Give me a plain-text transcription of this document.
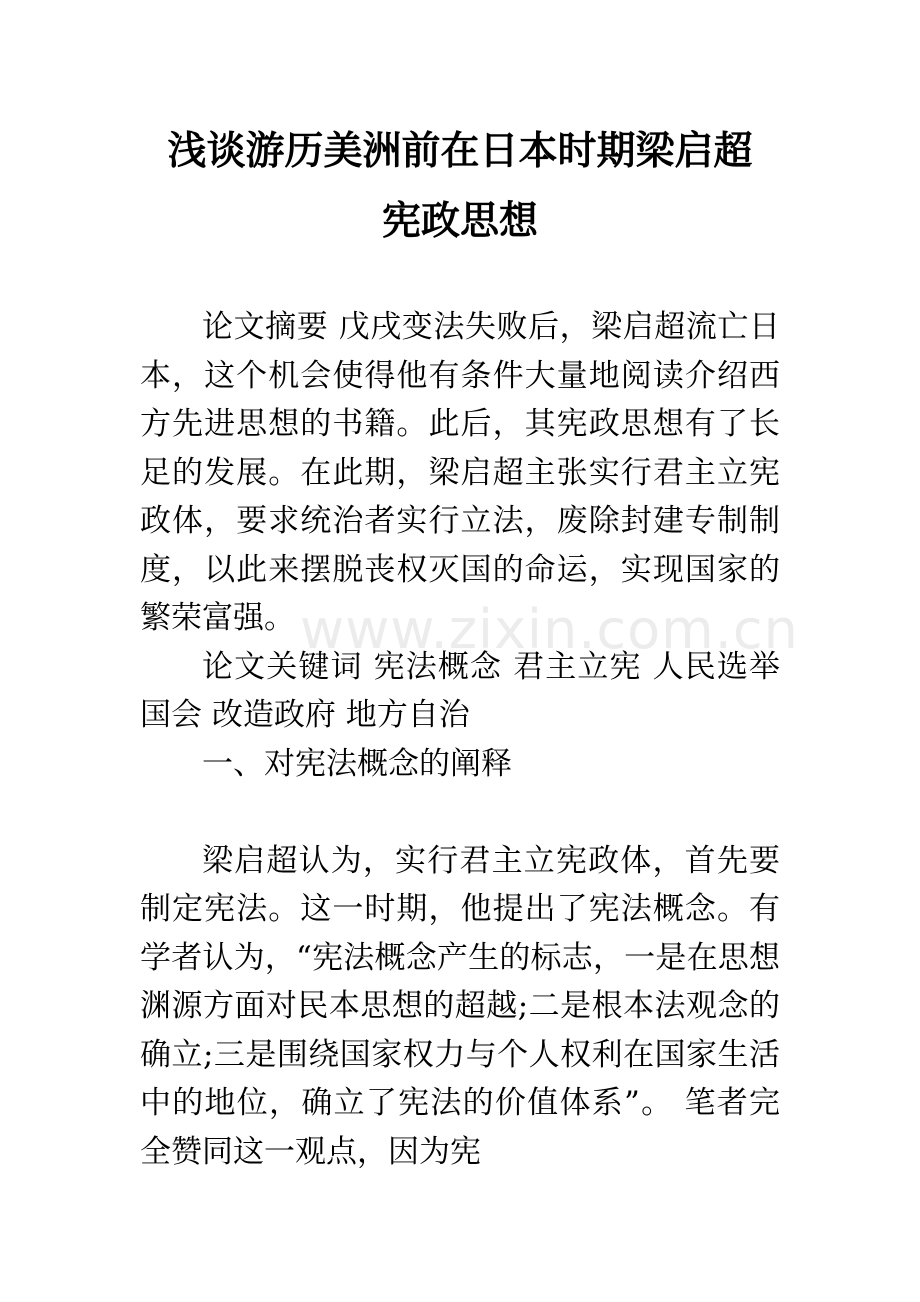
浅谈游历美洲前在日本时期梁启超
宪政思想

论文摘要 戊戌变法失败后，梁启超流亡日本，这个机会使得他有条件大量地阅读介绍西方先进思想的书籍。此后，其宪政思想有了长足的发展。在此期，梁启超主张实行君主立宪政体，要求统治者实行立法，废除封建专制制度，以此来摆脱丧权灭国的命运，实现国家的繁荣富强。

论文关键词 宪法概念 君主立宪 人民选举国会 改造政府 地方自治

一、对宪法概念的阐释

梁启超认为，实行君主立宪政体，首先要制定宪法。这一时期，他提出了宪法概念。有学者认为，“宪法概念产生的标志，一是在思想渊源方面对民本思想的超越;二是根本法观念的确立;三是围绕国家权力与个人权利在国家生活中的地位，确立了宪法的价值体系”。 笔者完全赞同这一观点，因为宪

www.zixin.com.cn
